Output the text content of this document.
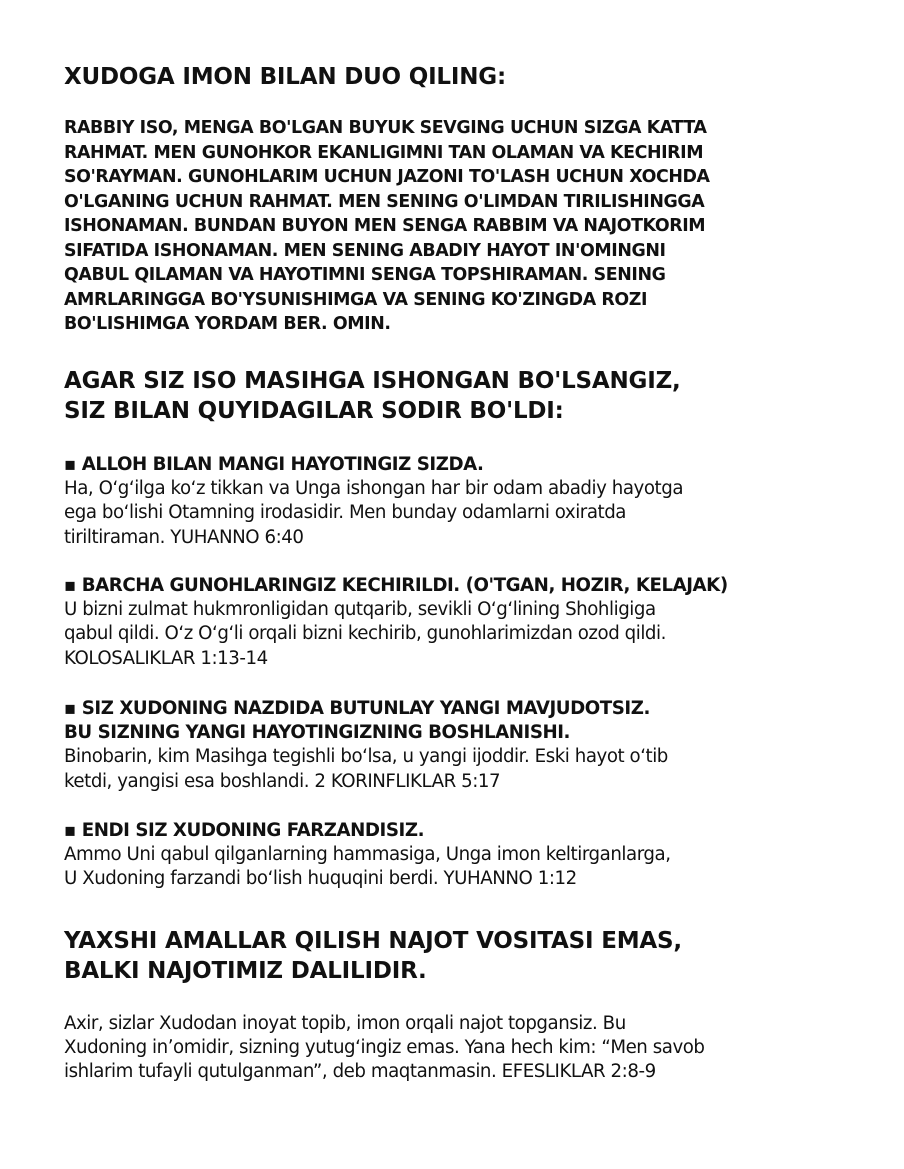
XUDOGA IMON BILAN DUO QILING:
RABBIY ISO, MENGA BO'LGAN BUYUK SEVGING UCHUN SIZGA KATTA
RAHMAT. MEN GUNOHKOR EKANLIGIMNI TAN OLAMAN VA KECHIRIM
SO'RAYMAN. GUNOHLARIM UCHUN JAZONI TO'LASH UCHUN XOCHDA
O'LGANING UCHUN RAHMAT. MEN SENING O'LIMDAN TIRILISHINGGA
ISHONAMAN. BUNDAN BUYON MEN SENGA RABBIM VA NAJOTKORIM
SIFATIDA ISHONAMAN. MEN SENING ABADIY HAYOT IN'OMINGNI
QABUL QILAMAN VA HAYOTIMNI SENGA TOPSHIRAMAN. SENING
AMRLARINGGA BO'YSUNISHIMGA VA SENING KO'ZINGDA ROZI
BO'LISHIMGA YORDAM BER. OMIN.
AGAR SIZ ISO MASIHGA ISHONGAN BO'LSANGIZ,
SIZ BILAN QUYIDAGILAR SODIR BO'LDI:
▪ ALLOH BILAN MANGI HAYOTINGIZ SIZDA.
Ha, Oʻgʻilga koʻz tikkan va Unga ishongan har bir odam abadiy hayotga
ega boʻlishi Otamning irodasidir. Men bunday odamlarni oxiratda
tiriltiraman. YUHANNO 6:40
▪ BARCHA GUNOHLARINGIZ KECHIRILDI. (O'TGAN, HOZIR, KELAJAK)
U bizni zulmat hukmronligidan qutqarib, sevikli Oʻgʻlining Shohligiga
qabul qildi. Oʻz Oʻgʻli orqali bizni kechirib, gunohlarimizdan ozod qildi.
KOLOSALIKLAR 1:13-14
▪ SIZ XUDONING NAZDIDA BUTUNLAY YANGI MAVJUDOTSIZ.
BU SIZNING YANGI HAYOTINGIZNING BOSHLANISHI.
Binobarin, kim Masihga tegishli boʻlsa, u yangi ijoddir. Eski hayot oʻtib
ketdi, yangisi esa boshlandi. 2 KORINFLIKLAR 5:17
▪ ENDI SIZ XUDONING FARZANDISIZ.
Ammo Uni qabul qilganlarning hammasiga, Unga imon keltirganlarga,
U Xudoning farzandi boʻlish huquqini berdi. YUHANNO 1:12
YAXSHI AMALLAR QILISH NAJOT VOSITASI EMAS,
BALKI NAJOTIMIZ DALILIDIR.
Axir, sizlar Xudodan inoyat topib, imon orqali najot topgansiz. Bu
Xudoning inʼomidir, sizning yutugʻingiz emas. Yana hech kim: “Men savob
ishlarim tufayli qutulganman”, deb maqtanmasin. EFESLIKLAR 2:8-9
